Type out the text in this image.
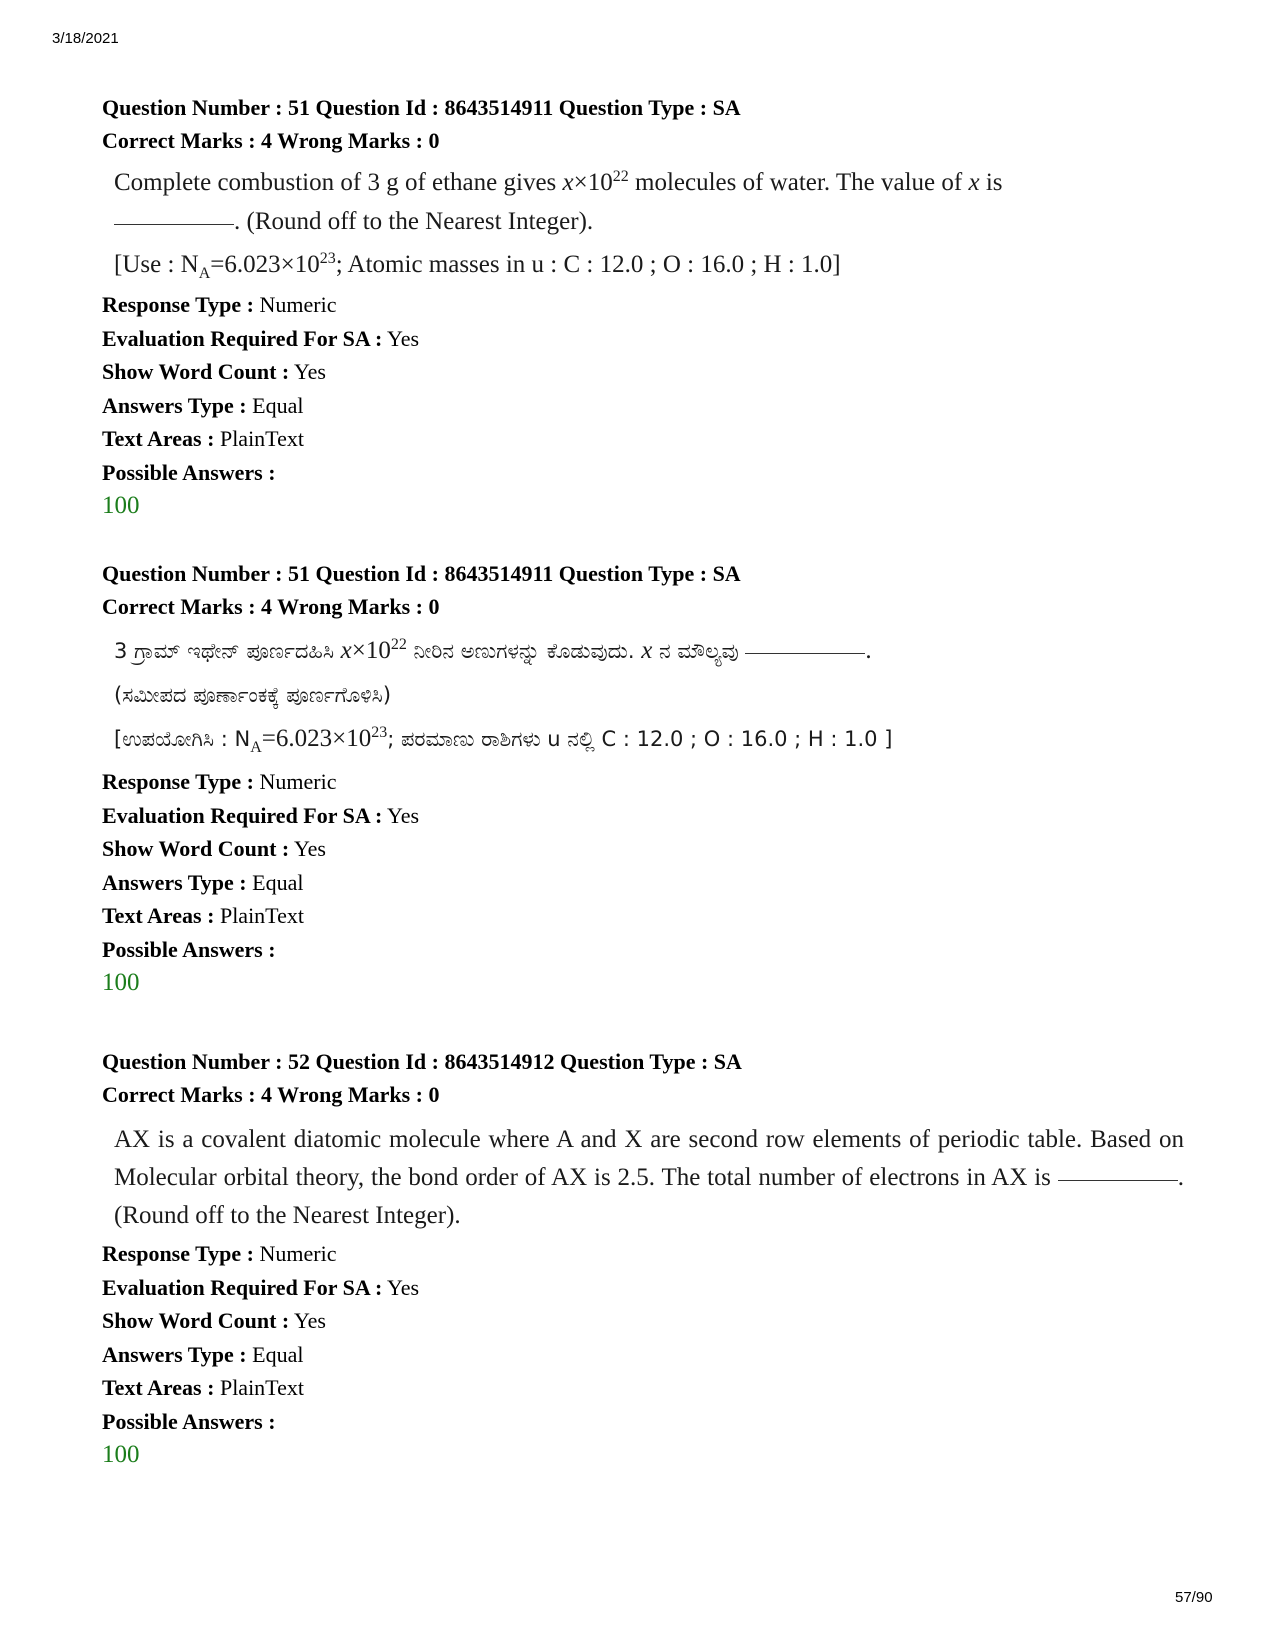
3/18/2021
Question Number : 51 Question Id : 8643514911 Question Type : SA
Correct Marks : 4 Wrong Marks : 0
Complete combustion of 3 g of ethane gives $x\times 10^{22}$ molecules of water. The value of x is
. (Round off to the Nearest Integer).
[Use : $N_A=6.023\times 10^{23}$; Atomic masses in u : C : 12.0 ; O : 16.0 ; H : 1.0]
Response Type : Numeric
Evaluation Required For SA : Yes
Show Word Count : Yes
Answers Type : Equal
Text Areas : PlainText
Possible Answers :
100
Question Number : 51 Question Id : 8643514911 Question Type : SA
Correct Marks : 4 Wrong Marks : 0
3 ಗ್ರಾಮ್ ಇಥೇನ್ ಪೂರ್ಣದಹಿಸಿ $x\times 10^{22}$ ನೀರಿನ ಅಣುಗಳನ್ನು ಕೊಡುವುದು. x ನ ಮೌಲ್ಯವು	.
(ಸಮೀಪದ ಪೂರ್ಣಾಂಕಕ್ಕೆ ಪೂರ್ಣಗೊಳಿಸಿ)
[ಉಪಯೋಗಿಸಿ : $N_A=6.023\times 10^{23}$; ಪರಮಾಣು ರಾಶಿಗಳು u ನಲ್ಲಿ C : 12.0 ; O : 16.0 ; H : 1.0 ]
Response Type : Numeric
Evaluation Required For SA : Yes
Show Word Count : Yes
Answers Type : Equal
Text Areas : PlainText
Possible Answers :
100
Question Number : 52 Question Id : 8643514912 Question Type : SA
Correct Marks : 4 Wrong Marks : 0
AX is a covalent diatomic molecule where A and X are second row elements of periodic table. Based on Molecular orbital theory, the bond order of AX is 2.5. The total number of electrons in AX is	. (Round off to the Nearest Integer).
Response Type : Numeric
Evaluation Required For SA : Yes
Show Word Count : Yes
Answers Type : Equal
Text Areas : PlainText
Possible Answers :
100
57/90
